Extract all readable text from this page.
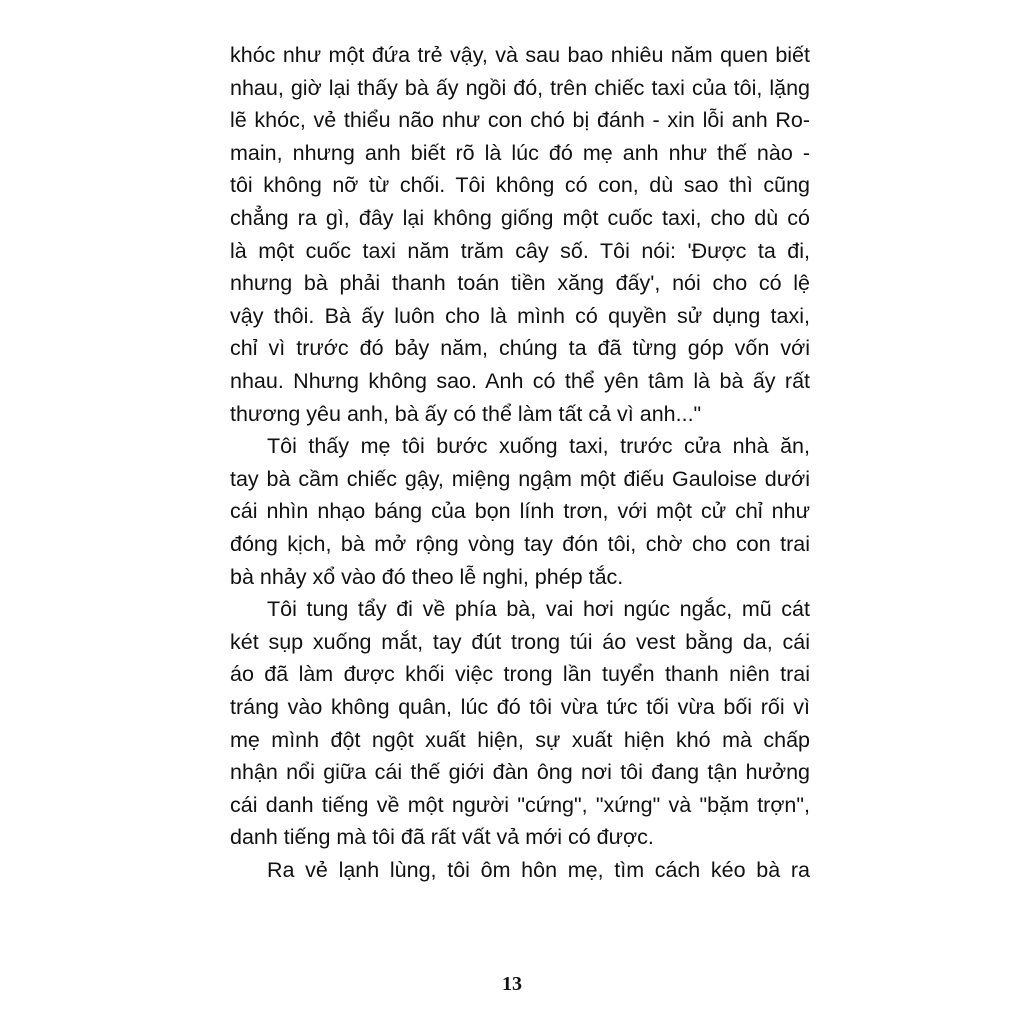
khóc như một đứa trẻ vậy, và sau bao nhiêu năm quen biết
nhau, giờ lại thấy bà ấy ngồi đó, trên chiếc taxi của tôi, lặng
lẽ khóc, vẻ thiểu não như con chó bị đánh - xin lỗi anh Ro-
main, nhưng anh biết rõ là lúc đó mẹ anh như thế nào -
tôi không nỡ từ chối. Tôi không có con, dù sao thì cũng
chẳng ra gì, đây lại không giống một cuốc taxi, cho dù có
là một cuốc taxi năm trăm cây số. Tôi nói: 'Được ta đi,
nhưng bà phải thanh toán tiền xăng đấy', nói cho có lệ
vậy thôi. Bà ấy luôn cho là mình có quyền sử dụng taxi,
chỉ vì trước đó bảy năm, chúng ta đã từng góp vốn với
nhau. Nhưng không sao. Anh có thể yên tâm là bà ấy rất
thương yêu anh, bà ấy có thể làm tất cả vì anh..."
Tôi thấy mẹ tôi bước xuống taxi, trước cửa nhà ăn,
tay bà cầm chiếc gậy, miệng ngậm một điếu Gauloise dưới
cái nhìn nhạo báng của bọn lính trơn, với một cử chỉ như
đóng kịch, bà mở rộng vòng tay đón tôi, chờ cho con trai
bà nhảy xổ vào đó theo lễ nghi, phép tắc.
Tôi tung tẩy đi về phía bà, vai hơi ngúc ngắc, mũ cát
két sụp xuống mắt, tay đút trong túi áo vest bằng da, cái
áo đã làm được khối việc trong lần tuyển thanh niên trai
tráng vào không quân, lúc đó tôi vừa tức tối vừa bối rối vì
mẹ mình đột ngột xuất hiện, sự xuất hiện khó mà chấp
nhận nổi giữa cái thế giới đàn ông nơi tôi đang tận hưởng
cái danh tiếng về một người "cứng", "xứng" và "bặm trợn",
danh tiếng mà tôi đã rất vất vả mới có được.
Ra vẻ lạnh lùng, tôi ôm hôn mẹ, tìm cách kéo bà ra
13
